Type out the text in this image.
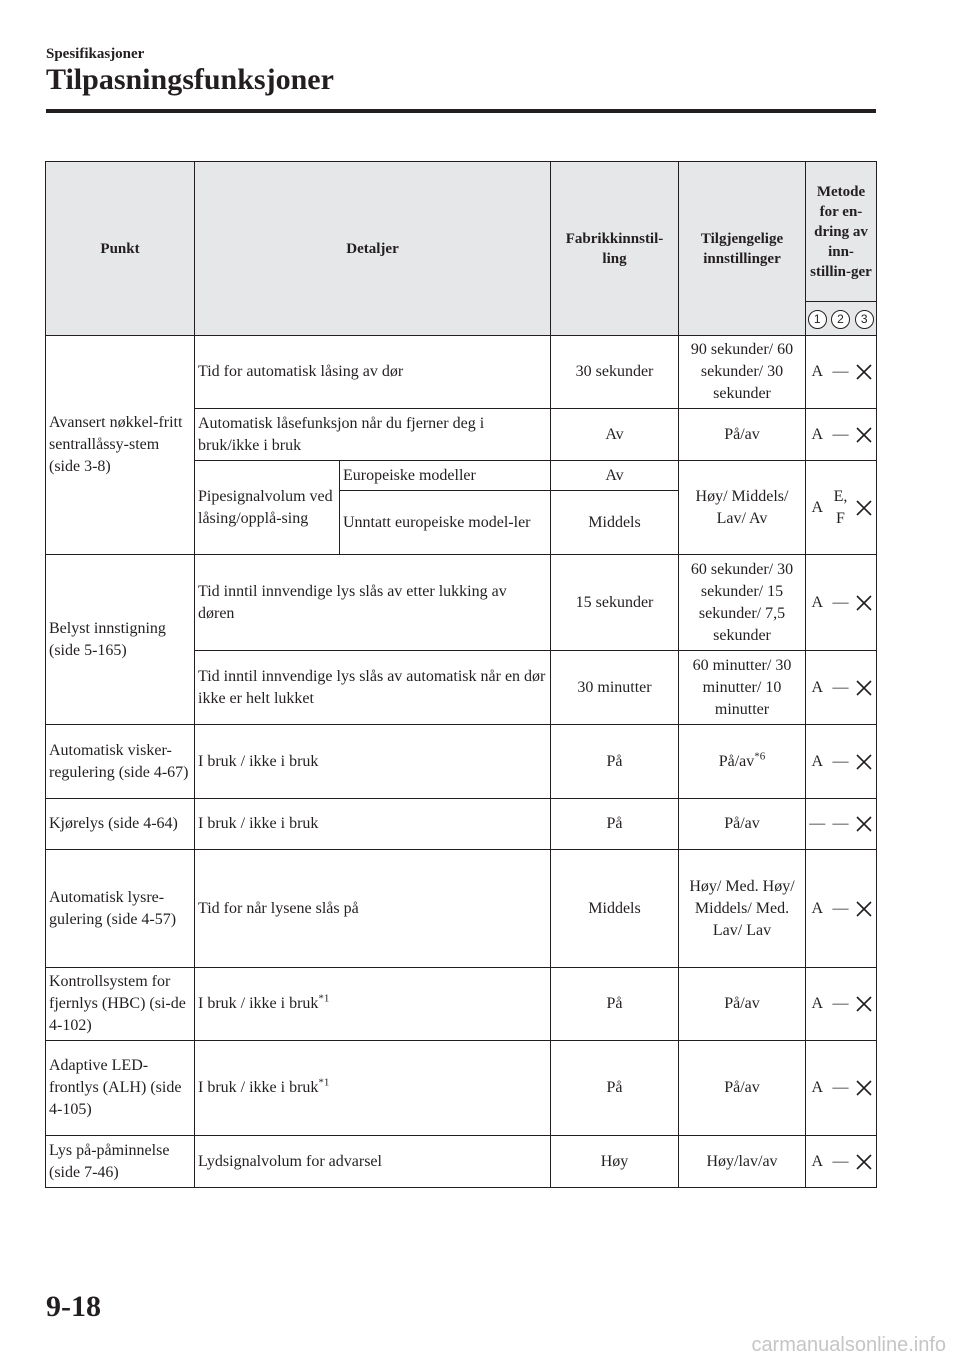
Spesifikasjoner
Tilpasningsfunksjoner
Punkt	Detaljer		Fabrikkinnstil-ling	Tilgjengelige innstillinger	Metode for en-dring av inn-stillin-ger		
					1	2	3
Avansert nøkkel-fritt sentrallåssy-stem (side 3-8)	Tid for automatisk låsing av dør		30 sekunder	90 sekunder/ 60 sekunder/ 30 sekunder	A	—	
	Automatisk låsefunksjon når du fjerner deg i bruk/ikke i bruk		Av	På/av	A	—	
	Pipesignalvolum ved låsing/opplå-sing	Europeiske modeller	Av	Høy/ Middels/ Lav/ Av	A	E, F	
		Unntatt europeiske model-ler	Middels				
Belyst innstigning (side 5-165)	Tid inntil innvendige lys slås av etter lukking av døren		15 sekunder	60 sekunder/ 30 sekunder/ 15 sekunder/ 7,5 sekunder	A	—	
	Tid inntil innvendige lys slås av automatisk når en dør ikke er helt lukket		30 minutter	60 minutter/ 30 minutter/ 10 minutter	A	—	
Automatisk visker-regulering (side 4-67)	I bruk / ikke i bruk		På	$På/av^{*6}$	A	—	
Kjørelys (side 4-64)	I bruk / ikke i bruk		På	På/av	—	—	
Automatisk lysre-gulering (side 4-57)	Tid for når lysene slås på		Middels	Høy/ Med. Høy/ Middels/ Med. Lav/ Lav	A	—	
Kontrollsystem for fjernlys (HBC) (si-de 4-102)	I bruk / ikke i bruk$^{*1}$		På	På/av	A	—	
Adaptive LED-frontlys (ALH) (side 4-105)	I bruk / ikke i bruk$^{*1}$		På	På/av	A	—	
Lys på-påminnelse (side 7-46)	Lydsignalvolum for advarsel		Høy	Høy/lav/av	A	—	
9-18
carmanualsonline.info
